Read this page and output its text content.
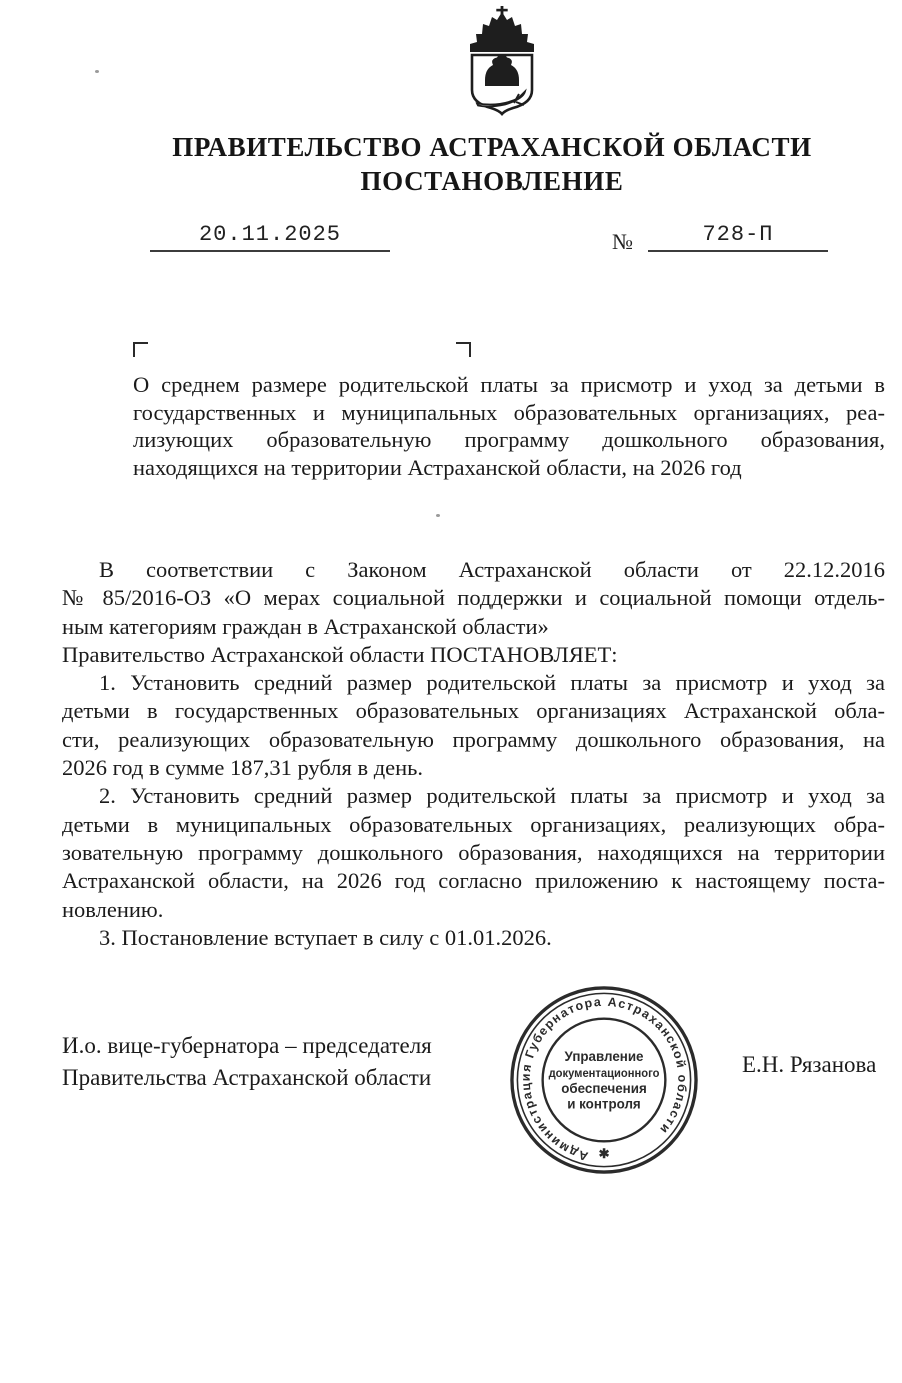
ПРАВИТЕЛЬСТВО АСТРАХАНСКОЙ ОБЛАСТИ
ПОСТАНОВЛЕНИЕ
20.11.2025	№	728-П
О среднем размере родительской платы за присмотр и уход за детьми в
государственных и муниципальных образовательных организациях, реа-
лизующих образовательную программу дошкольного образования,
находящихся на территории Астраханской области, на 2026 год
В соответствии с Законом Астраханской области от 22.12.2016
№ 85/2016-ОЗ «О мерах социальной поддержки и социальной помощи отдель-
ным категориям граждан в Астраханской области»
Правительство Астраханской области ПОСТАНОВЛЯЕТ:
1. Установить средний размер родительской платы за присмотр и уход за
детьми в государственных образовательных организациях Астраханской обла-
сти, реализующих образовательную программу дошкольного образования, на
2026 год в сумме 187,31 рубля в день.
2. Установить средний размер родительской платы за присмотр и уход за
детьми в муниципальных образовательных организациях, реализующих обра-
зовательную программу дошкольного образования, находящихся на территории
Астраханской области, на 2026 год согласно приложению к настоящему поста-
новлению.
3. Постановление вступает в силу с 01.01.2026.
И.о. вице-губернатора – председателя
Правительства Астраханской области
Е.Н. Рязанова
Администрация Губернатора Астраханской области
✱
Управление
документационного
обеспечения
и контроля
